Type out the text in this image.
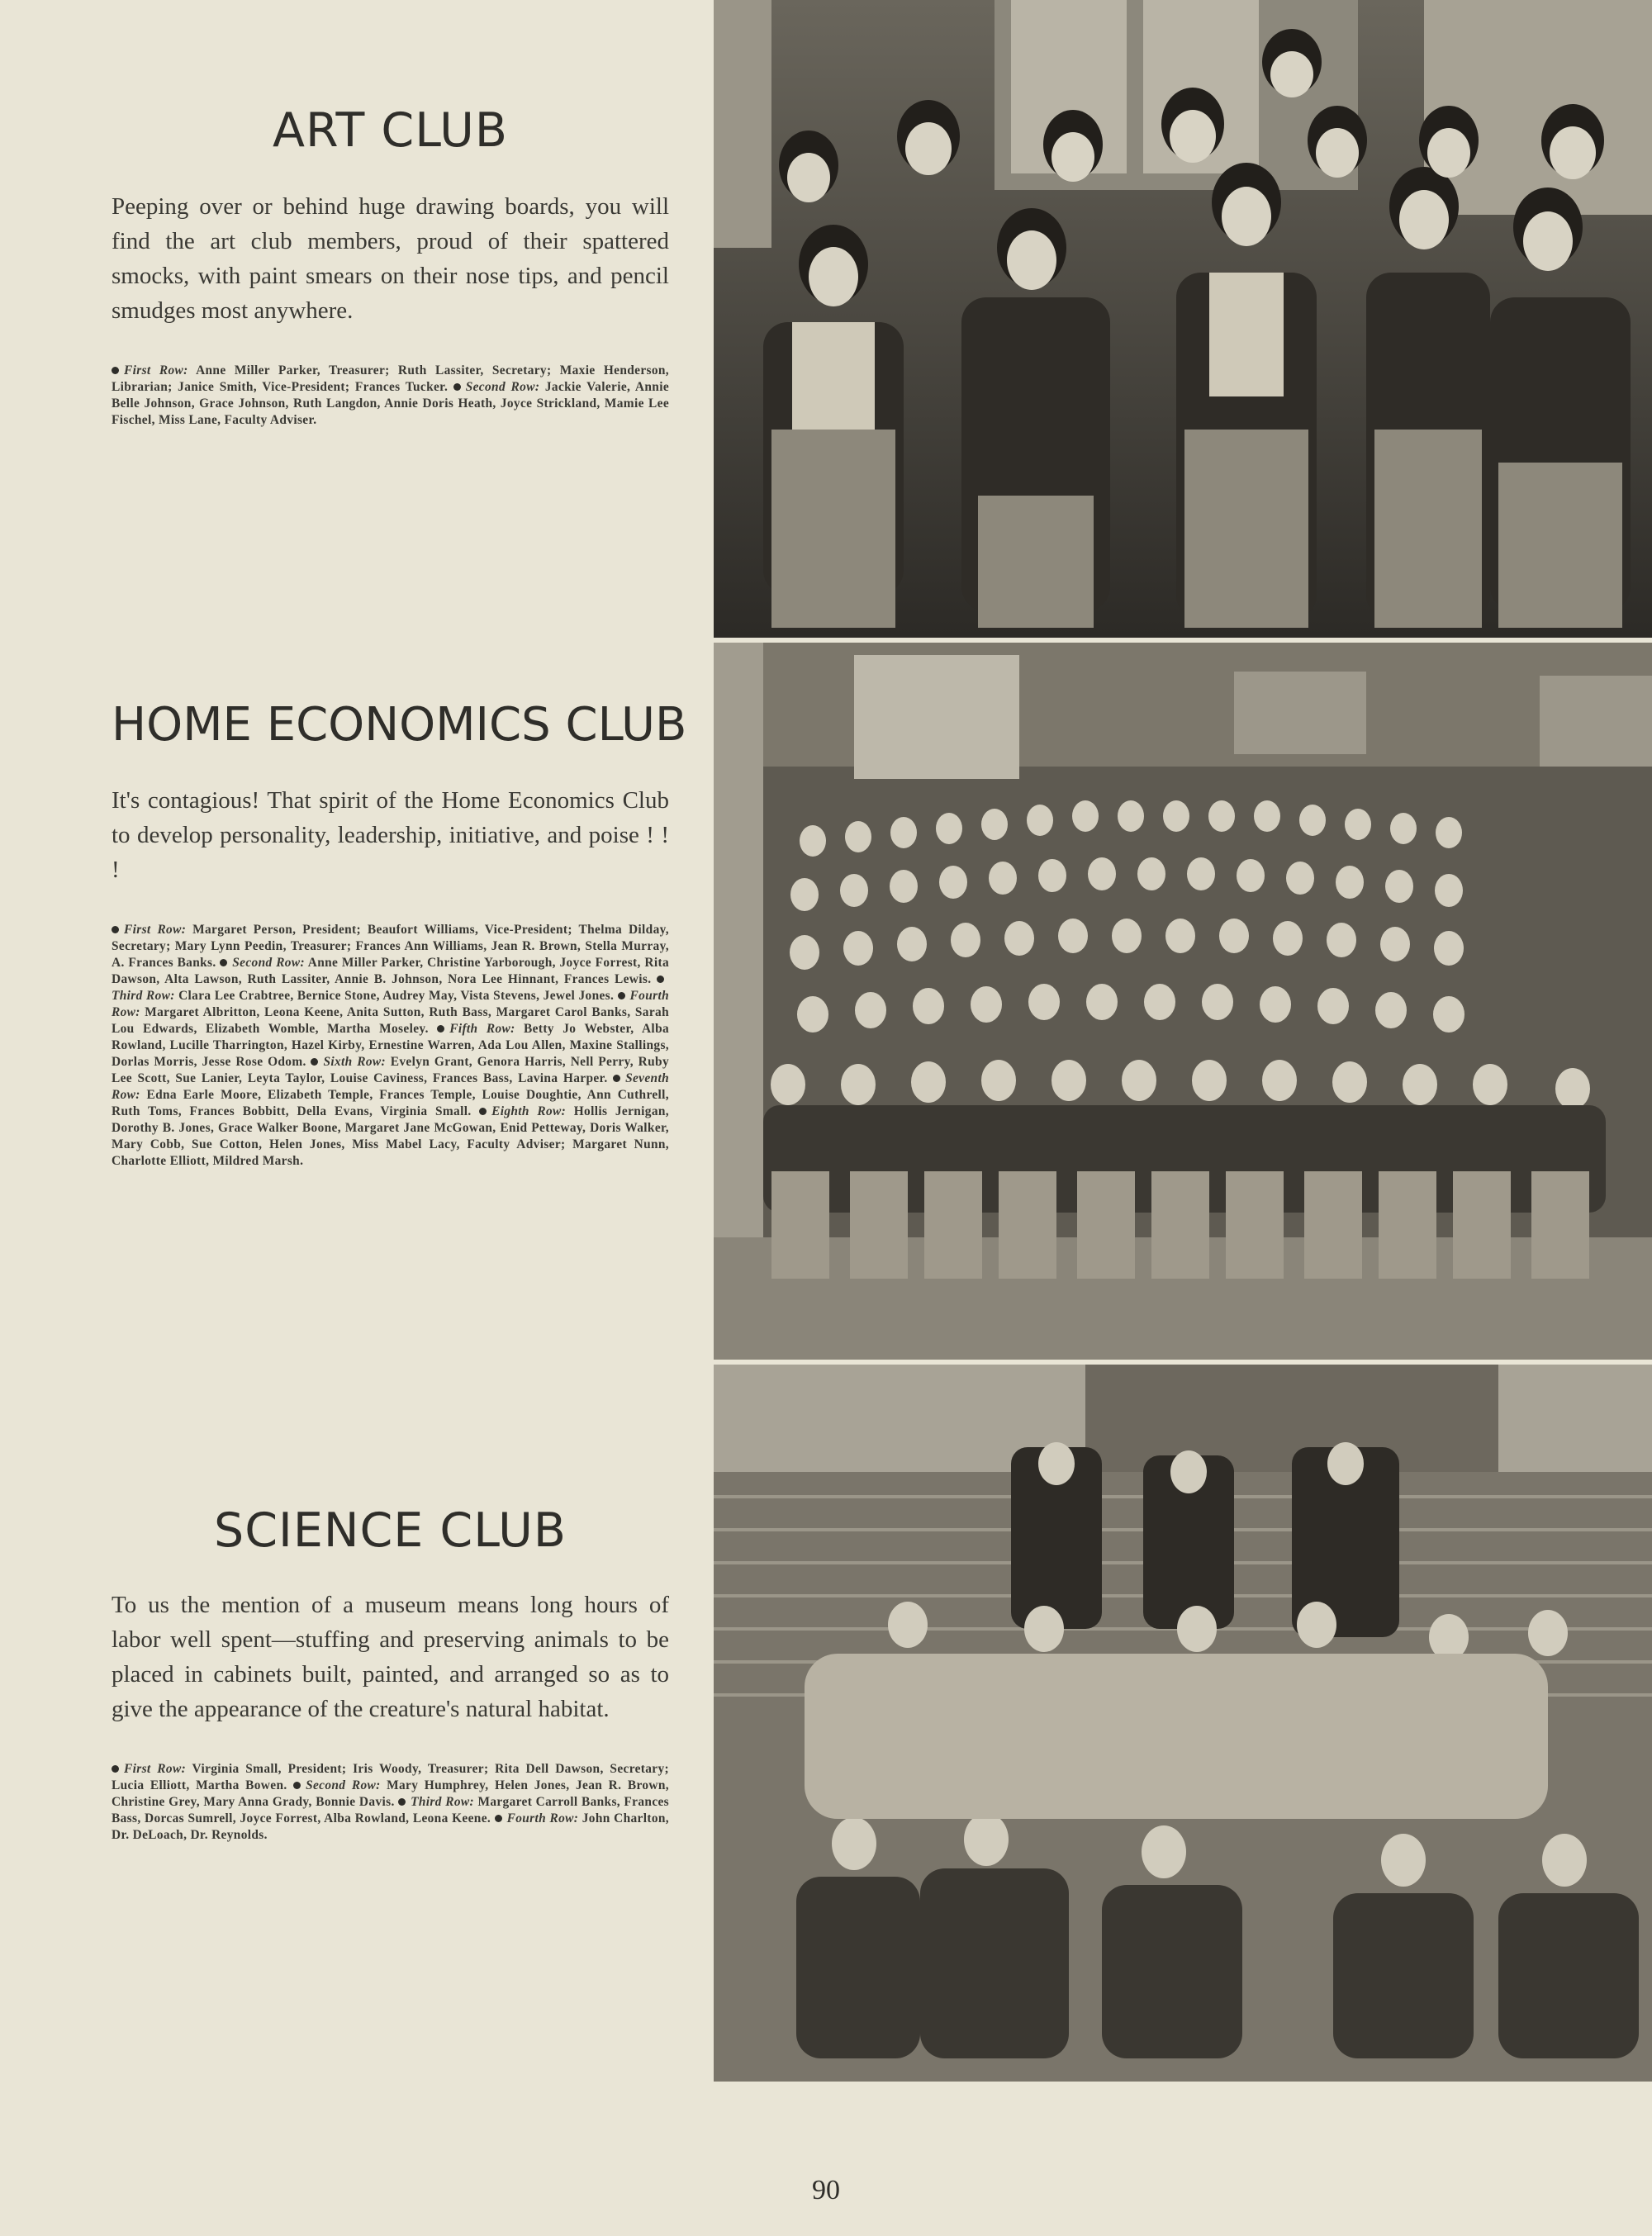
ART CLUB

Peeping over or behind huge drawing boards, you will find the art club members, proud of their spattered smocks, with paint smears on their nose tips, and pencil smudges most anywhere.

First Row: Anne Miller Parker, Treasurer; Ruth Lassiter, Secretary; Maxie Henderson, Librarian; Janice Smith, Vice-President; Frances Tucker. Second Row: Jackie Valerie, Annie Belle Johnson, Grace Johnson, Ruth Langdon, Annie Doris Heath, Joyce Strickland, Mamie Lee Fischel, Miss Lane, Faculty Adviser.

HOME ECONOMICS CLUB

It's contagious! That spirit of the Home Economics Club to develop personality, leadership, initiative, and poise ! ! !

First Row: Margaret Person, President; Beaufort Williams, Vice-President; Thelma Dilday, Secretary; Mary Lynn Peedin, Treasurer; Frances Ann Williams, Jean R. Brown, Stella Murray, A. Frances Banks. Second Row: Anne Miller Parker, Christine Yarborough, Joyce Forrest, Rita Dawson, Alta Lawson, Ruth Lassiter, Annie B. Johnson, Nora Lee Hinnant, Frances Lewis. Third Row: Clara Lee Crabtree, Bernice Stone, Audrey May, Vista Stevens, Jewel Jones. Fourth Row: Margaret Albritton, Leona Keene, Anita Sutton, Ruth Bass, Margaret Carol Banks, Sarah Lou Edwards, Elizabeth Womble, Martha Moseley. Fifth Row: Betty Jo Webster, Alba Rowland, Lucille Tharrington, Hazel Kirby, Ernestine Warren, Ada Lou Allen, Maxine Stallings, Dorlas Morris, Jesse Rose Odom. Sixth Row: Evelyn Grant, Genora Harris, Nell Perry, Ruby Lee Scott, Sue Lanier, Leyta Taylor, Louise Caviness, Frances Bass, Lavina Harper. Seventh Row: Edna Earle Moore, Elizabeth Temple, Frances Temple, Louise Doughtie, Ann Cuthrell, Ruth Toms, Frances Bobbitt, Della Evans, Virginia Small. Eighth Row: Hollis Jernigan, Dorothy B. Jones, Grace Walker Boone, Margaret Jane McGowan, Enid Petteway, Doris Walker, Mary Cobb, Sue Cotton, Helen Jones, Miss Mabel Lacy, Faculty Adviser; Margaret Nunn, Charlotte Elliott, Mildred Marsh.

SCIENCE CLUB

To us the mention of a museum means long hours of labor well spent—stuffing and preserving animals to be placed in cabinets built, painted, and arranged so as to give the appearance of the creature's natural habitat.

First Row: Virginia Small, President; Iris Woody, Treasurer; Rita Dell Dawson, Secretary; Lucia Elliott, Martha Bowen. Second Row: Mary Humphrey, Helen Jones, Jean R. Brown, Christine Grey, Mary Anna Grady, Bonnie Davis. Third Row: Margaret Carroll Banks, Frances Bass, Dorcas Sumrell, Joyce Forrest, Alba Rowland, Leona Keene. Fourth Row: John Charlton, Dr. DeLoach, Dr. Reynolds.

90
